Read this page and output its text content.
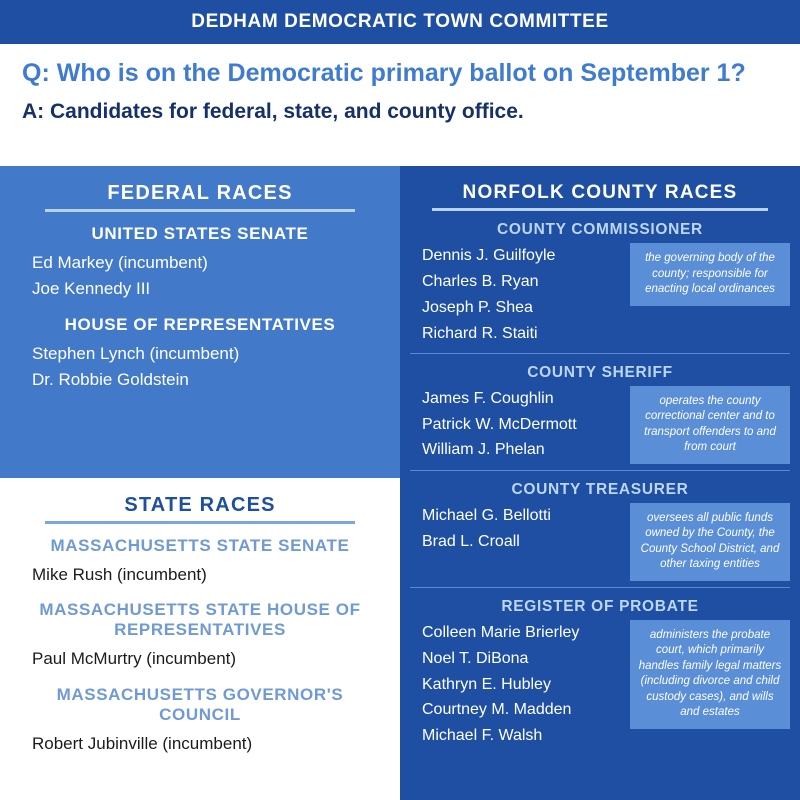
DEDHAM DEMOCRATIC TOWN COMMITTEE

Q: Who is on the Democratic primary ballot on September 1?

A: Candidates for federal, state, and county office.

FEDERAL RACES
UNITED STATES SENATE
Ed Markey (incumbent)
Joe Kennedy III
HOUSE OF REPRESENTATIVES
Stephen Lynch (incumbent)
Dr. Robbie Goldstein
STATE RACES
MASSACHUSETTS STATE SENATE
Mike Rush (incumbent)
MASSACHUSETTS STATE HOUSE OF REPRESENTATIVES
Paul McMurtry (incumbent)
MASSACHUSETTS GOVERNOR'S COUNCIL
Robert Jubinville (incumbent)
NORFOLK COUNTY RACES
COUNTY COMMISSIONER
Dennis J. Guilfoyle
Charles B. Ryan
Joseph P. Shea
Richard R. Staiti
the governing body of the county; responsible for enacting local ordinances
COUNTY SHERIFF
James F. Coughlin
Patrick W. McDermott
William J. Phelan
operates the county correctional center and to transport offenders to and from court
COUNTY TREASURER
Michael G. Bellotti
Brad L. Croall
oversees all public funds owned by the County, the County School District, and other taxing entities
REGISTER OF PROBATE
Colleen Marie Brierley
Noel T. DiBona
Kathryn E. Hubley
Courtney M. Madden
Michael F. Walsh
administers the probate court, which primarily handles family legal matters (including divorce and child custody cases), and wills and estates
